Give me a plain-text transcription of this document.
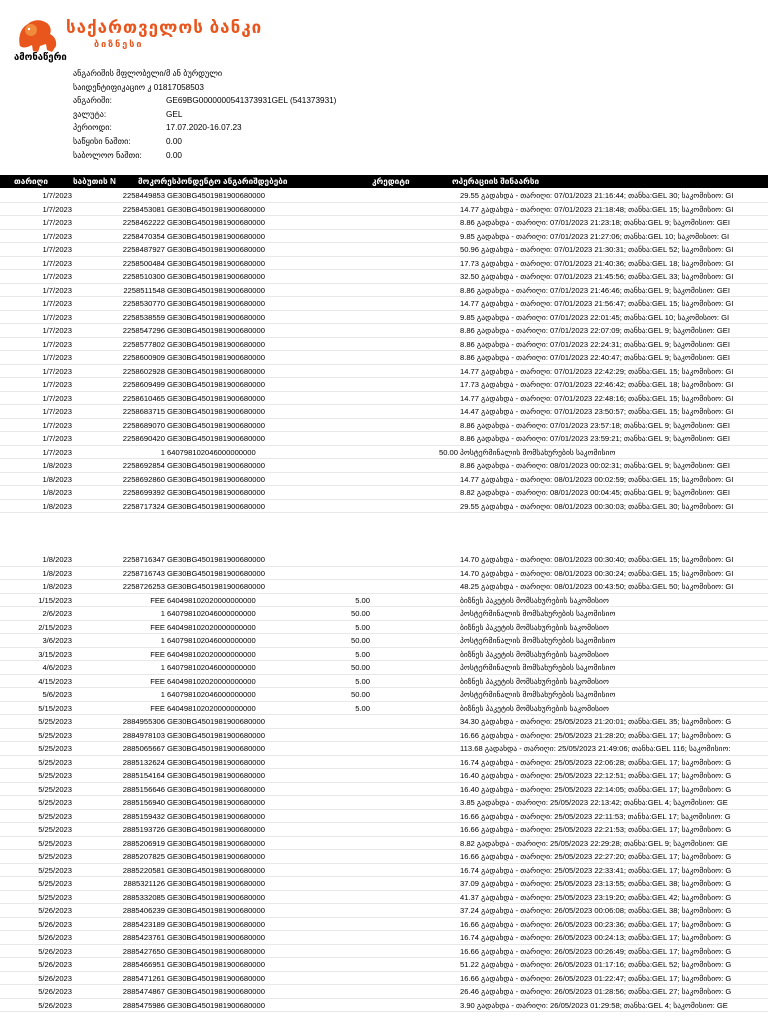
საქართველოს ბანკი
ბიზნესი
ამონაწერი
ანგარიშის მფლობელი/მ ან ბურდული
საიდენტიფიკაციო კ 01817058503
ანგარიში:	GE69BG0000000541373931GEL (541373931)
ვალუტა:	GEL
პერიოდი:	17.07.2020-16.07.23
საწყისი ნაშთი:	0.00
საბოლოო ნაშთი:	0.00
თარიღი	საბუთის N	მოკორესპონდენტო ანგარიშდებები	კრედიტი	ოპერაციის შინაარსი
1/7/2023	2258449853 GE30BG4501981900680000	29.55 გადახდა - თარიღი: 07/01/2023 21:16:44; თანხა:GEL 30; საკომისიო: GI
1/7/2023	2258453081 GE30BG4501981900680000	14.77 გადახდა - თარიღი: 07/01/2023 21:18:48; თანხა:GEL 15; საკომისიო: GI
1/7/2023	2258462222 GE30BG4501981900680000	8.86 გადახდა - თარიღი: 07/01/2023 21:23:18; თანხა:GEL 9; საკომისიო: GEI
1/7/2023	2258470354 GE30BG4501981900680000	9.85 გადახდა - თარიღი: 07/01/2023 21:27:06; თანხა:GEL 10; საკომისიო: GI
1/7/2023	2258487927 GE30BG4501981900680000	50.96 გადახდა - თარიღი: 07/01/2023 21:30:31; თანხა:GEL 52; საკომისიო: GI
1/7/2023	2258500484 GE30BG4501981900680000	17.73 გადახდა - თარიღი: 07/01/2023 21:40:36; თანხა:GEL 18; საკომისიო: GI
1/7/2023	2258510300 GE30BG4501981900680000	32.50 გადახდა - თარიღი: 07/01/2023 21:45:56; თანხა:GEL 33; საკომისიო: GI
1/7/2023	2258511548 GE30BG4501981900680000	8.86 გადახდა - თარიღი: 07/01/2023 21:46:46; თანხა:GEL 9; საკომისიო: GEI
1/7/2023	2258530770 GE30BG4501981900680000	14.77 გადახდა - თარიღი: 07/01/2023 21:56:47; თანხა:GEL 15; საკომისიო: GI
1/7/2023	2258538559 GE30BG4501981900680000	9.85 გადახდა - თარიღი: 07/01/2023 22:01:45; თანხა:GEL 10; საკომისიო: GI
1/7/2023	2258547296 GE30BG4501981900680000	8.86 გადახდა - თარიღი: 07/01/2023 22:07:09; თანხა:GEL 9; საკომისიო: GEI
1/7/2023	2258577802 GE30BG4501981900680000	8.86 გადახდა - თარიღი: 07/01/2023 22:24:31; თანხა:GEL 9; საკომისიო: GEI
1/7/2023	2258600909 GE30BG4501981900680000	8.86 გადახდა - თარიღი: 07/01/2023 22:40:47; თანხა:GEL 9; საკომისიო: GEI
1/7/2023	2258602928 GE30BG4501981900680000	14.77 გადახდა - თარიღი: 07/01/2023 22:42:29; თანხა:GEL 15; საკომისიო: GI
1/7/2023	2258609499 GE30BG4501981900680000	17.73 გადახდა - თარიღი: 07/01/2023 22:46:42; თანხა:GEL 18; საკომისიო: GI
1/7/2023	2258610465 GE30BG4501981900680000	14.77 გადახდა - თარიღი: 07/01/2023 22:48:16; თანხა:GEL 15; საკომისიო: GI
1/7/2023	2258683715 GE30BG4501981900680000	14.47 გადახდა - თარიღი: 07/01/2023 23:50:57; თანხა:GEL 15; საკომისიო: GI
1/7/2023	2258689070 GE30BG4501981900680000	8.86 გადახდა - თარიღი: 07/01/2023 23:57:18; თანხა:GEL 9; საკომისიო: GEI
1/7/2023	2258690420 GE30BG4501981900680000	8.86 გადახდა - თარიღი: 07/01/2023 23:59:21; თანხა:GEL 9; საკომისიო: GEI
1/7/2023	1 640798102046000000000	50.00 პოსტერმინალის მომსახურების საკომისიო
1/8/2023	2258692854 GE30BG4501981900680000	8.86 გადახდა - თარიღი: 08/01/2023 00:02:31; თანხა:GEL 9; საკომისიო: GEI
1/8/2023	2258692860 GE30BG4501981900680000	14.77 გადახდა - თარიღი: 08/01/2023 00:02:59; თანხა:GEL 15; საკომისიო: GI
1/8/2023	2258699392 GE30BG4501981900680000	8.82 გადახდა - თარიღი: 08/01/2023 00:04:45; თანხა:GEL 9; საკომისიო: GEI
1/8/2023	2258717324 GE30BG4501981900680000	29.55 გადახდა - თარიღი: 08/01/2023 00:30:03; თანხა:GEL 30; საკომისიო: GI
1/8/2023	2258716347 GE30BG4501981900680000	14.70 გადახდა - თარიღი: 08/01/2023 00:30:40; თანხა:GEL 15; საკომისიო: GI
1/8/2023	2258716743 GE30BG4501981900680000	14.70 გადახდა - თარიღი: 08/01/2023 00:30:24; თანხა:GEL 15; საკომისიო: GI
1/8/2023	2258726253 GE30BG4501981900680000	48.25 გადახდა - თარიღი: 08/01/2023 00:43:50; თანხა:GEL 50; საკომისიო: GI
1/15/2023	FEE 640498102020000000000	5.00	ბიზნეს პაკეტის მომსახურების საკომისიო
2/6/2023	1 640798102046000000000	50.00	პოსტერმინალის მომსახურების საკომისიო
2/15/2023	FEE 640498102020000000000	5.00	ბიზნეს პაკეტის მომსახურების საკომისიო
3/6/2023	1 640798102046000000000	50.00	პოსტერმინალის მომსახურების საკომისიო
3/15/2023	FEE 640498102020000000000	5.00	ბიზნეს პაკეტის მომსახურების საკომისიო
4/6/2023	1 640798102046000000000	50.00	პოსტერმინალის მომსახურების საკომისიო
4/15/2023	FEE 640498102020000000000	5.00	ბიზნეს პაკეტის მომსახურების საკომისიო
5/6/2023	1 640798102046000000000	50.00	პოსტერმინალის მომსახურების საკომისიო
5/15/2023	FEE 640498102020000000000	5.00	ბიზნეს პაკეტის მომსახურების საკომისიო
5/25/2023	2884955306 GE30BG4501981900680000	34.30 გადახდა - თარიღი: 25/05/2023 21:20:01; თანხა:GEL 35; საკომისიო: G
5/25/2023	2884978103 GE30BG4501981900680000	16.66 გადახდა - თარიღი: 25/05/2023 21:28:20; თანხა:GEL 17; საკომისიო: G
5/25/2023	2885065667 GE30BG4501981900680000	113.68 გადახდა - თარიღი: 25/05/2023 21:49:06; თანხა:GEL 116; საკომისიო:
5/25/2023	2885132624 GE30BG4501981900680000	16.74 გადახდა - თარიღი: 25/05/2023 22:06:28; თანხა:GEL 17; საკომისიო: G
5/25/2023	2885154164 GE30BG4501981900680000	16.40 გადახდა - თარიღი: 25/05/2023 22:12:51; თანხა:GEL 17; საკომისიო: G
5/25/2023	2885156646 GE30BG4501981900680000	16.40 გადახდა - თარიღი: 25/05/2023 22:14:05; თანხა:GEL 17; საკომისიო: G
5/25/2023	2885156940 GE30BG4501981900680000	3.85 გადახდა - თარიღი: 25/05/2023 22:13:42; თანხა:GEL 4; საკომისიო: GE
5/25/2023	2885159432 GE30BG4501981900680000	16.66 გადახდა - თარიღი: 25/05/2023 22:11:53; თანხა:GEL 17; საკომისიო: G
5/25/2023	2885193726 GE30BG4501981900680000	16.66 გადახდა - თარიღი: 25/05/2023 22:21:53; თანხა:GEL 17; საკომისიო: G
5/25/2023	2885206919 GE30BG4501981900680000	8.82 გადახდა - თარიღი: 25/05/2023 22:29:28; თანხა:GEL 9; საკომისიო: GE
5/25/2023	2885207825 GE30BG4501981900680000	16.66 გადახდა - თარიღი: 25/05/2023 22:27:20; თანხა:GEL 17; საკომისიო: G
5/25/2023	2885220581 GE30BG4501981900680000	16.74 გადახდა - თარიღი: 25/05/2023 22:33:41; თანხა:GEL 17; საკომისიო: G
5/25/2023	2885321126 GE30BG4501981900680000	37.09 გადახდა - თარიღი: 25/05/2023 23:13:55; თანხა:GEL 38; საკომისიო: G
5/25/2023	2885332085 GE30BG4501981900680000	41.37 გადახდა - თარიღი: 25/05/2023 23:19:20; თანხა:GEL 42; საკომისიო: G
5/26/2023	2885406239 GE30BG4501981900680000	37.24 გადახდა - თარიღი: 26/05/2023 00:06:08; თანხა:GEL 38; საკომისიო: G
5/26/2023	2885423189 GE30BG4501981900680000	16.66 გადახდა - თარიღი: 26/05/2023 00:23:36; თანხა:GEL 17; საკომისიო: G
5/26/2023	2885423761 GE30BG4501981900680000	16.74 გადახდა - თარიღი: 26/05/2023 00:24:13; თანხა:GEL 17; საკომისიო: G
5/26/2023	2885427650 GE30BG4501981900680000	16.66 გადახდა - თარიღი: 26/05/2023 00:26:49; თანხა:GEL 17; საკომისიო: G
5/26/2023	2885466951 GE30BG4501981900680000	51.22 გადახდა - თარიღი: 26/05/2023 01:17:16; თანხა:GEL 52; საკომისიო: G
5/26/2023	2885471261 GE30BG4501981900680000	16.66 გადახდა - თარიღი: 26/05/2023 01:22:47; თანხა:GEL 17; საკომისიო: G
5/26/2023	2885474867 GE30BG4501981900680000	26.46 გადახდა - თარიღი: 26/05/2023 01:28:56; თანხა:GEL 27; საკომისიო: G
5/26/2023	2885475986 GE30BG4501981900680000	3.90 გადახდა - თარიღი: 26/05/2023 01:29:58; თანხა:GEL 4; საკომისიო: GE
